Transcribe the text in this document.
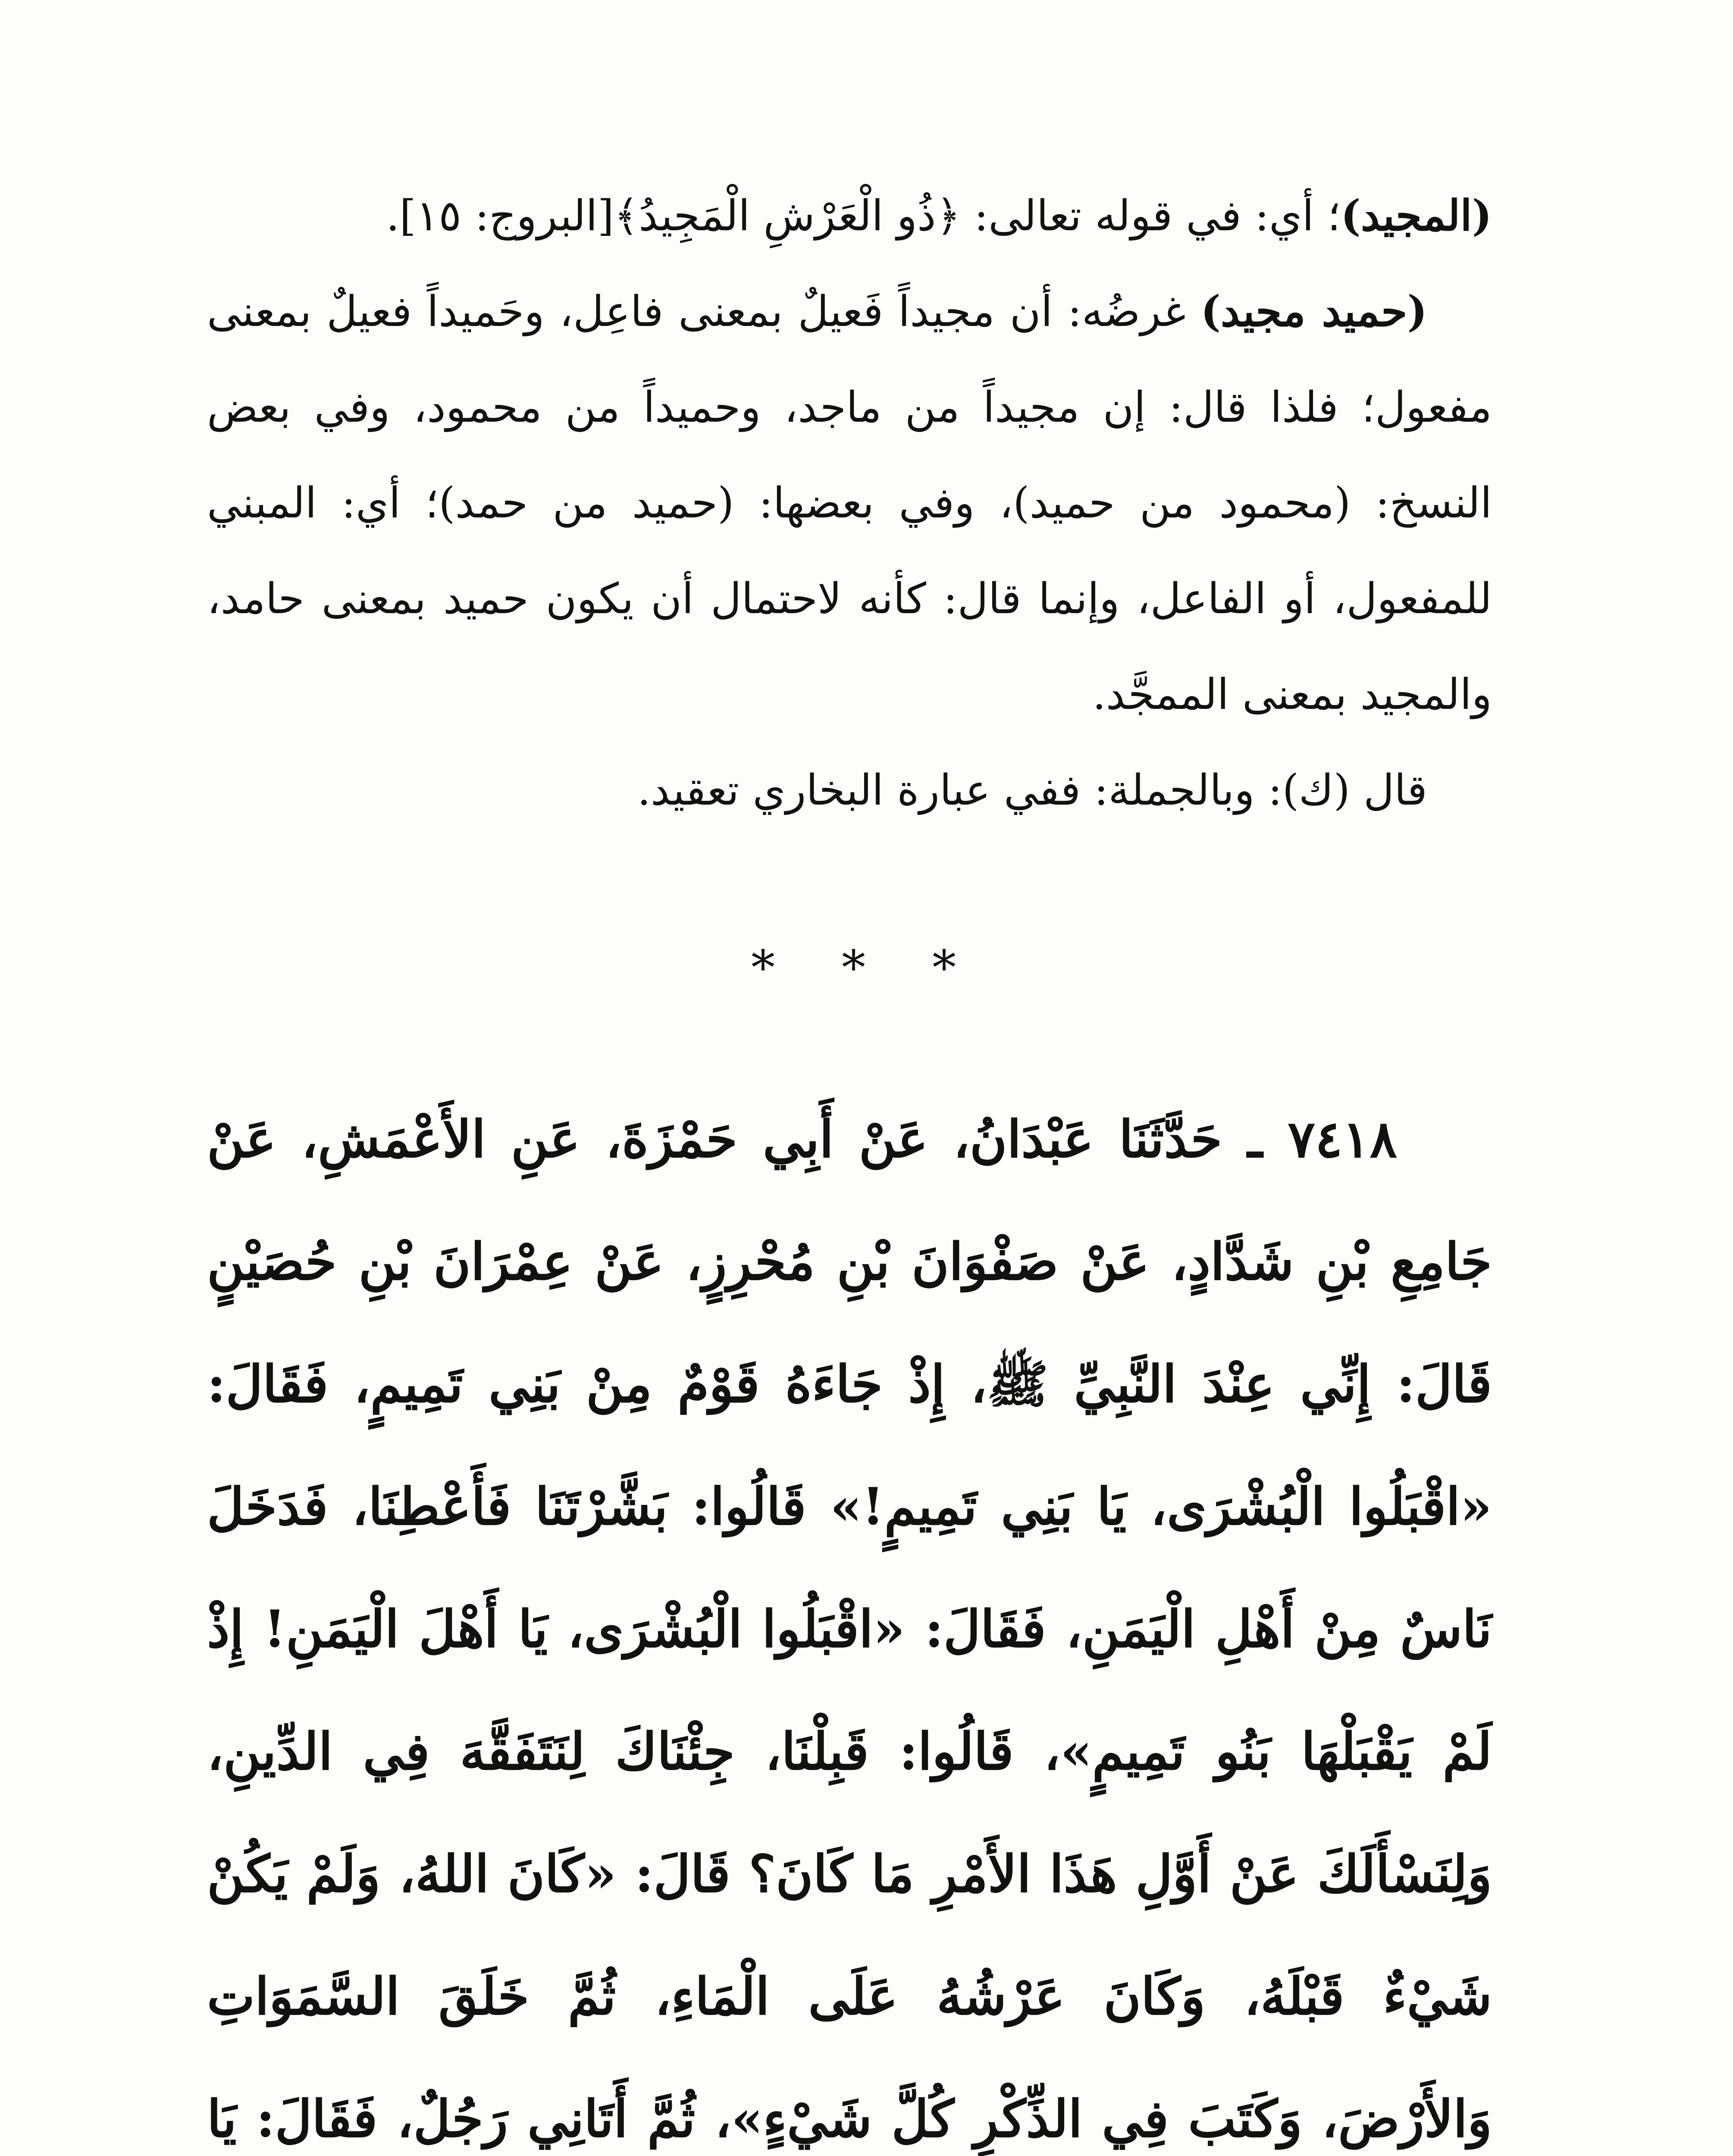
(المجيد)؛ أي: في قوله تعالى: ﴿ذُو الْعَرْشِ الْمَجِيدُ﴾[البروج: ١٥].

(حميد مجيد) غرضُه: أن مجيداً فَعيلٌ بمعنى فاعِل، وحَميداً فعيلٌ بمعنى مفعول؛ فلذا قال: إن مجيداً من ماجد، وحميداً من محمود، وفي بعض النسخ: (محمود من حميد)، وفي بعضها: (حميد من حمد)؛ أي: المبني للمفعول، أو الفاعل، وإنما قال: كأنه لاحتمال أن يكون حميد بمعنى حامد، والمجيد بمعنى الممجَّد.

قال (ك): وبالجملة: ففي عبارة البخاري تعقيد.

* * *

٧٤١٨ ـ حَدَّثَنَا عَبْدَانُ، عَنْ أَبِي حَمْزَةَ، عَنِ الأَعْمَشِ، عَنْ جَامِعِ بْنِ شَدَّادٍ، عَنْ صَفْوَانَ بْنِ مُحْرِزٍ، عَنْ عِمْرَانَ بْنِ حُصَيْنٍ قَالَ: إِنِّي عِنْدَ النَّبِيِّ ﷺ، إِذْ جَاءَهُ قَوْمٌ مِنْ بَنِي تَمِيمٍ، فَقَالَ: «اقْبَلُوا الْبُشْرَى، يَا بَنِي تَمِيمٍ!» قَالُوا: بَشَّرْتَنَا فَأَعْطِنَا، فَدَخَلَ نَاسٌ مِنْ أَهْلِ الْيَمَنِ، فَقَالَ: «اقْبَلُوا الْبُشْرَى، يَا أَهْلَ الْيَمَنِ! إِذْ لَمْ يَقْبَلْهَا بَنُو تَمِيمٍ»، قَالُوا: قَبِلْنَا، جِئْنَاكَ لِنَتَفَقَّهَ فِي الدِّينِ، وَلِنَسْأَلَكَ عَنْ أَوَّلِ هَذَا الأَمْرِ مَا كَانَ؟ قَالَ: «كَانَ اللهُ، وَلَمْ يَكُنْ شَيْءٌ قَبْلَهُ، وَكَانَ عَرْشُهُ عَلَى الْمَاءِ، ثُمَّ خَلَقَ السَّمَوَاتِ وَالأَرْضَ، وَكَتَبَ فِي الذِّكْرِ كُلَّ شَيْءٍ»، ثُمَّ أَتَانِي رَجُلٌ، فَقَالَ: يَا
